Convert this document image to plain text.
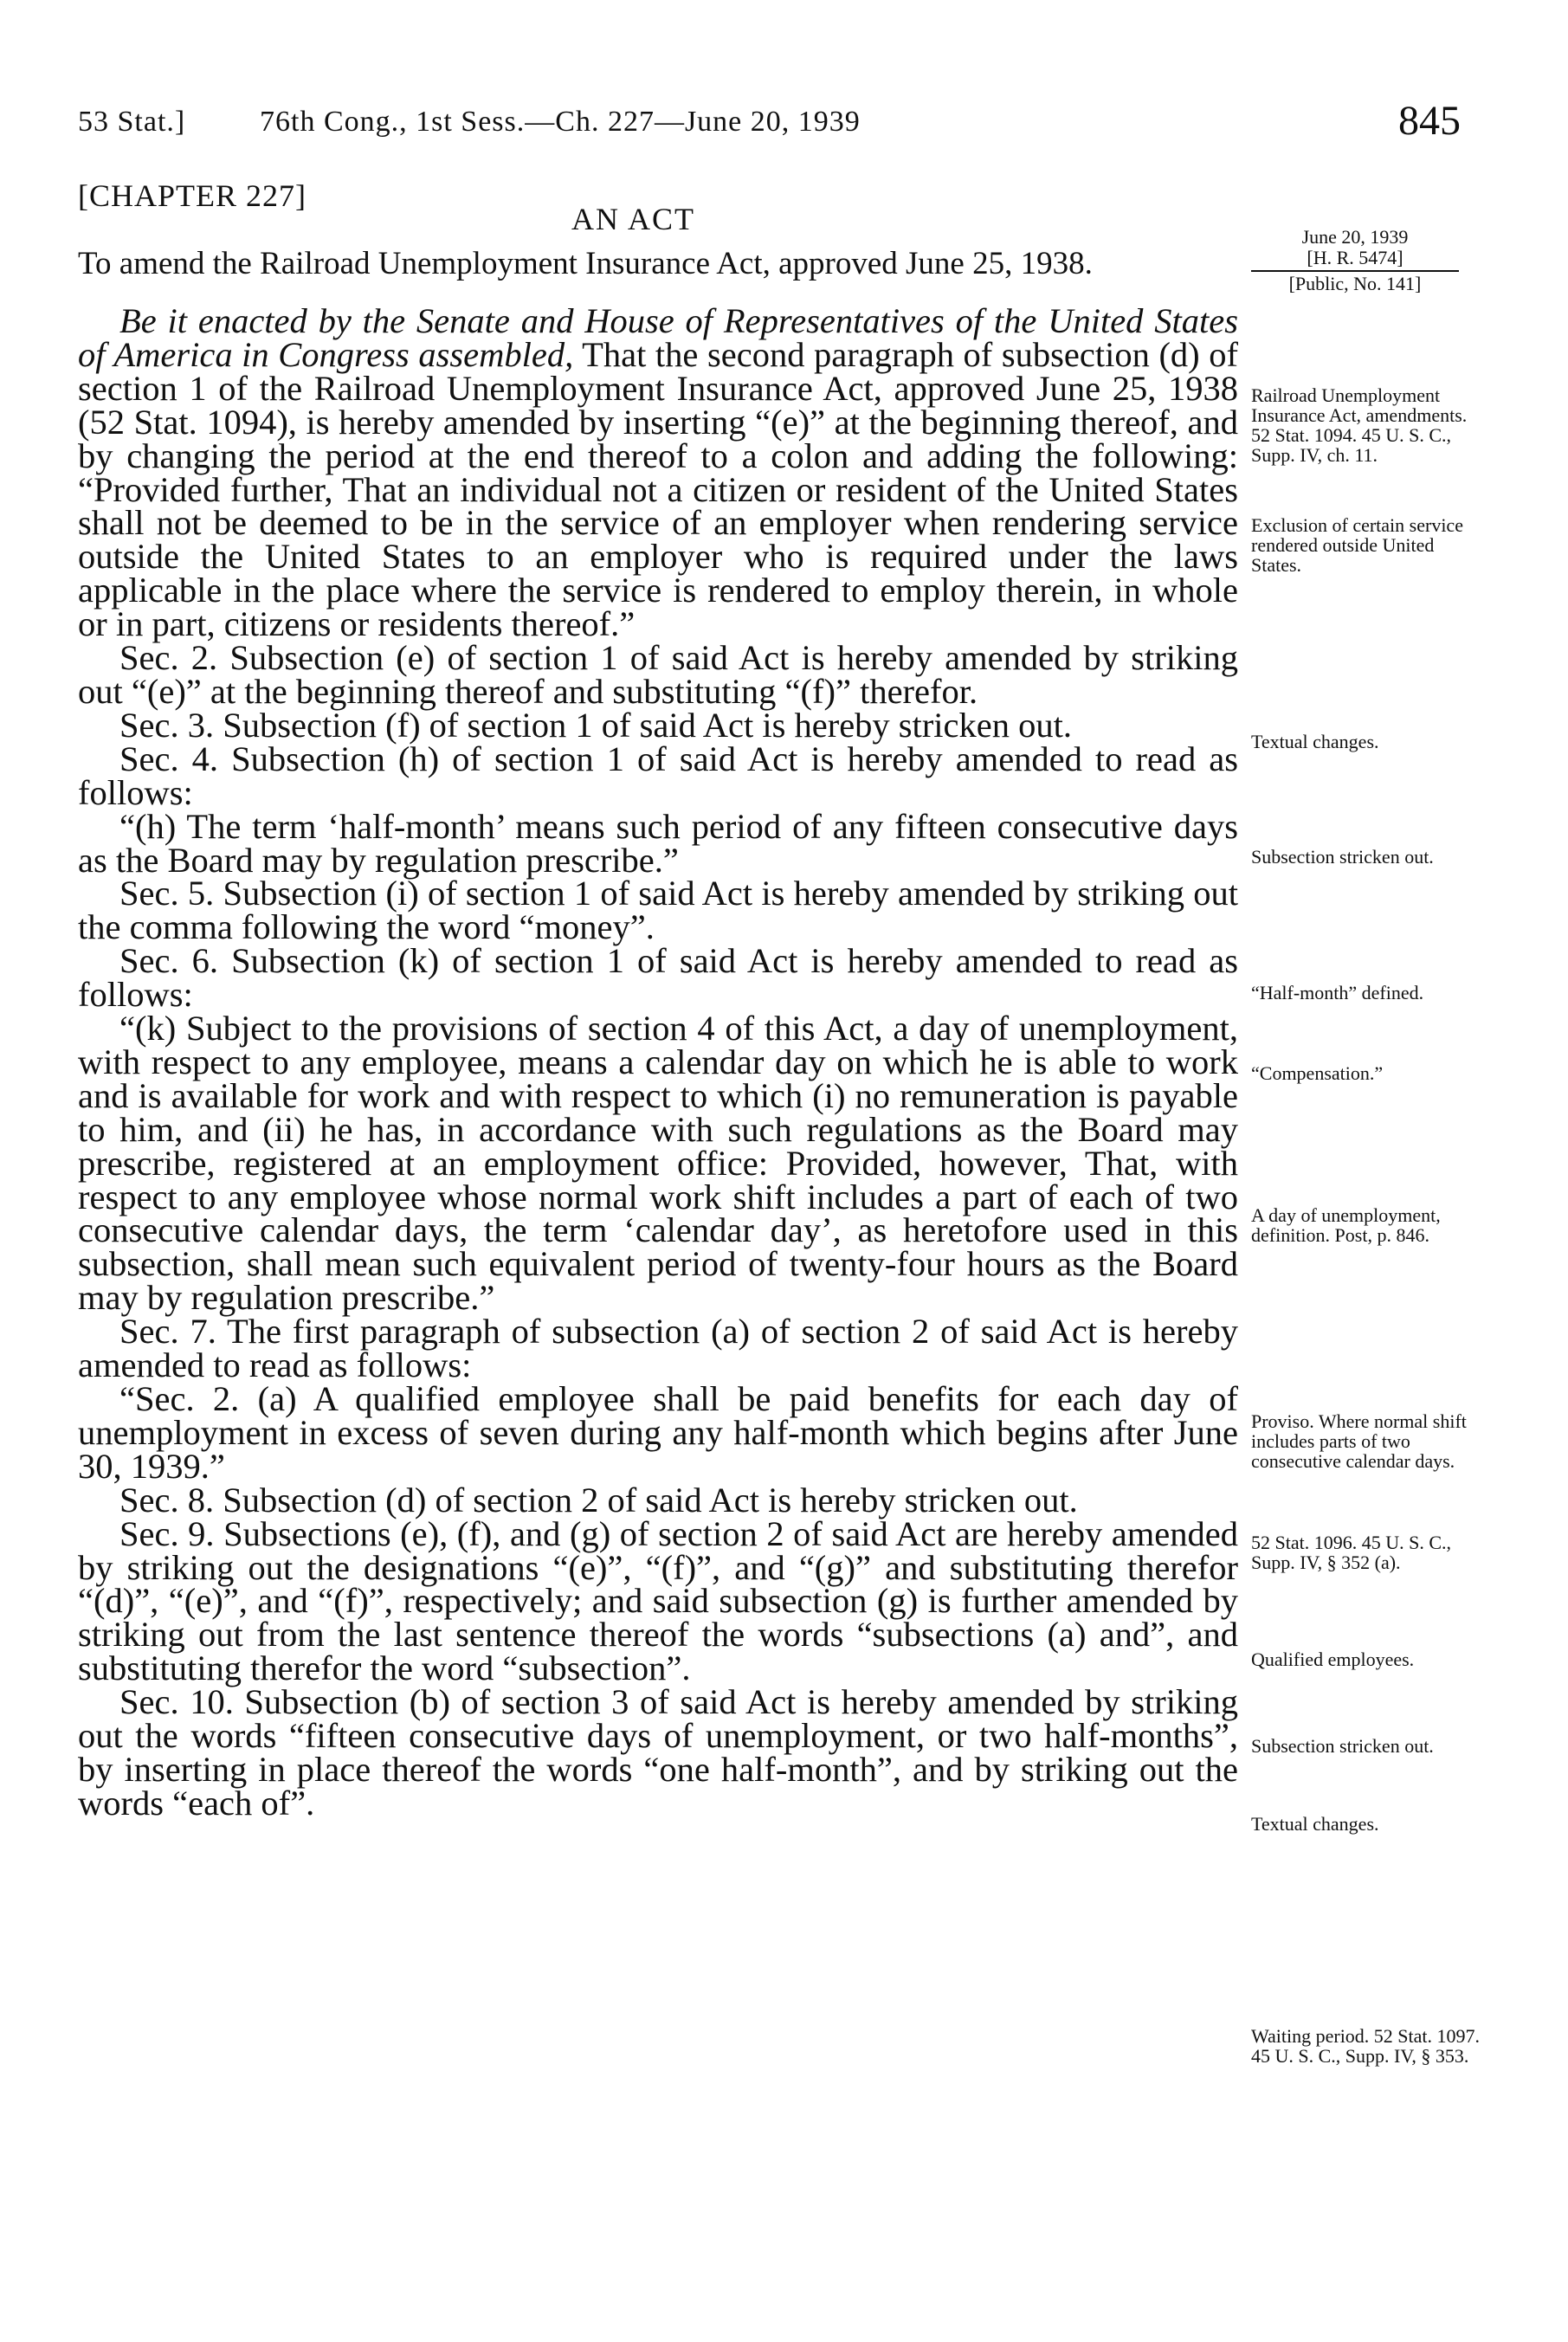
53 Stat.]	76th Cong., 1st Sess.—Ch. 227—June 20, 1939	845
[CHAPTER 227]
AN ACT
To amend the Railroad Unemployment Insurance Act, approved June 25, 1938.
June 20, 1939
[H. R. 5474]
[Public, No. 141]

Be it enacted by the Senate and House of Representatives of the United States of America in Congress assembled, That the second paragraph of subsection (d) of section 1 of the Railroad Unemployment Insurance Act, approved June 25, 1938 (52 Stat. 1094), is hereby amended by inserting “(e)” at the beginning thereof, and by changing the period at the end thereof to a colon and adding the following: “Provided further, That an individual not a citizen or resident of the United States shall not be deemed to be in the service of an employer when rendering service outside the United States to an employer who is required under the laws applicable in the place where the service is rendered to employ therein, in whole or in part, citizens or residents thereof.”

Sec. 2. Subsection (e) of section 1 of said Act is hereby amended by striking out “(e)” at the beginning thereof and substituting “(f)” therefor.

Sec. 3. Subsection (f) of section 1 of said Act is hereby stricken out.

Sec. 4. Subsection (h) of section 1 of said Act is hereby amended to read as follows:

“(h) The term ‘half-month’ means such period of any fifteen consecutive days as the Board may by regulation prescribe.”

Sec. 5. Subsection (i) of section 1 of said Act is hereby amended by striking out the comma following the word “money”.

Sec. 6. Subsection (k) of section 1 of said Act is hereby amended to read as follows:

“(k) Subject to the provisions of section 4 of this Act, a day of unemployment, with respect to any employee, means a calendar day on which he is able to work and is available for work and with respect to which (i) no remuneration is payable to him, and (ii) he has, in accordance with such regulations as the Board may prescribe, registered at an employment office: Provided, however, That, with respect to any employee whose normal work shift includes a part of each of two consecutive calendar days, the term ‘calendar day’, as heretofore used in this subsection, shall mean such equivalent period of twenty-four hours as the Board may by regulation prescribe.”

Sec. 7. The first paragraph of subsection (a) of section 2 of said Act is hereby amended to read as follows:

“Sec. 2. (a) A qualified employee shall be paid benefits for each day of unemployment in excess of seven during any half-month which begins after June 30, 1939.”

Sec. 8. Subsection (d) of section 2 of said Act is hereby stricken out.

Sec. 9. Subsections (e), (f), and (g) of section 2 of said Act are hereby amended by striking out the designations “(e)”, “(f)”, and “(g)” and substituting therefor “(d)”, “(e)”, and “(f)”, respectively; and said subsection (g) is further amended by striking out from the last sentence thereof the words “subsections (a) and”, and substituting therefor the word “subsection”.

Sec. 10. Subsection (b) of section 3 of said Act is hereby amended by striking out the words “fifteen consecutive days of unemployment, or two half-months”, by inserting in place thereof the words “one half-month”, and by striking out the words “each of”.

Railroad Unemployment Insurance Act, amendments. 52 Stat. 1094. 45 U. S. C., Supp. IV, ch. 11.
Exclusion of certain service rendered outside United States.
Textual changes.
Subsection stricken out.
“Half-month” defined.
“Compensation.”
A day of unemployment, definition. Post, p. 846.
Proviso. Where normal shift includes parts of two consecutive calendar days.
52 Stat. 1096. 45 U. S. C., Supp. IV, § 352 (a).
Qualified employees.
Subsection stricken out.
Textual changes.
Waiting period. 52 Stat. 1097. 45 U. S. C., Supp. IV, § 353.
